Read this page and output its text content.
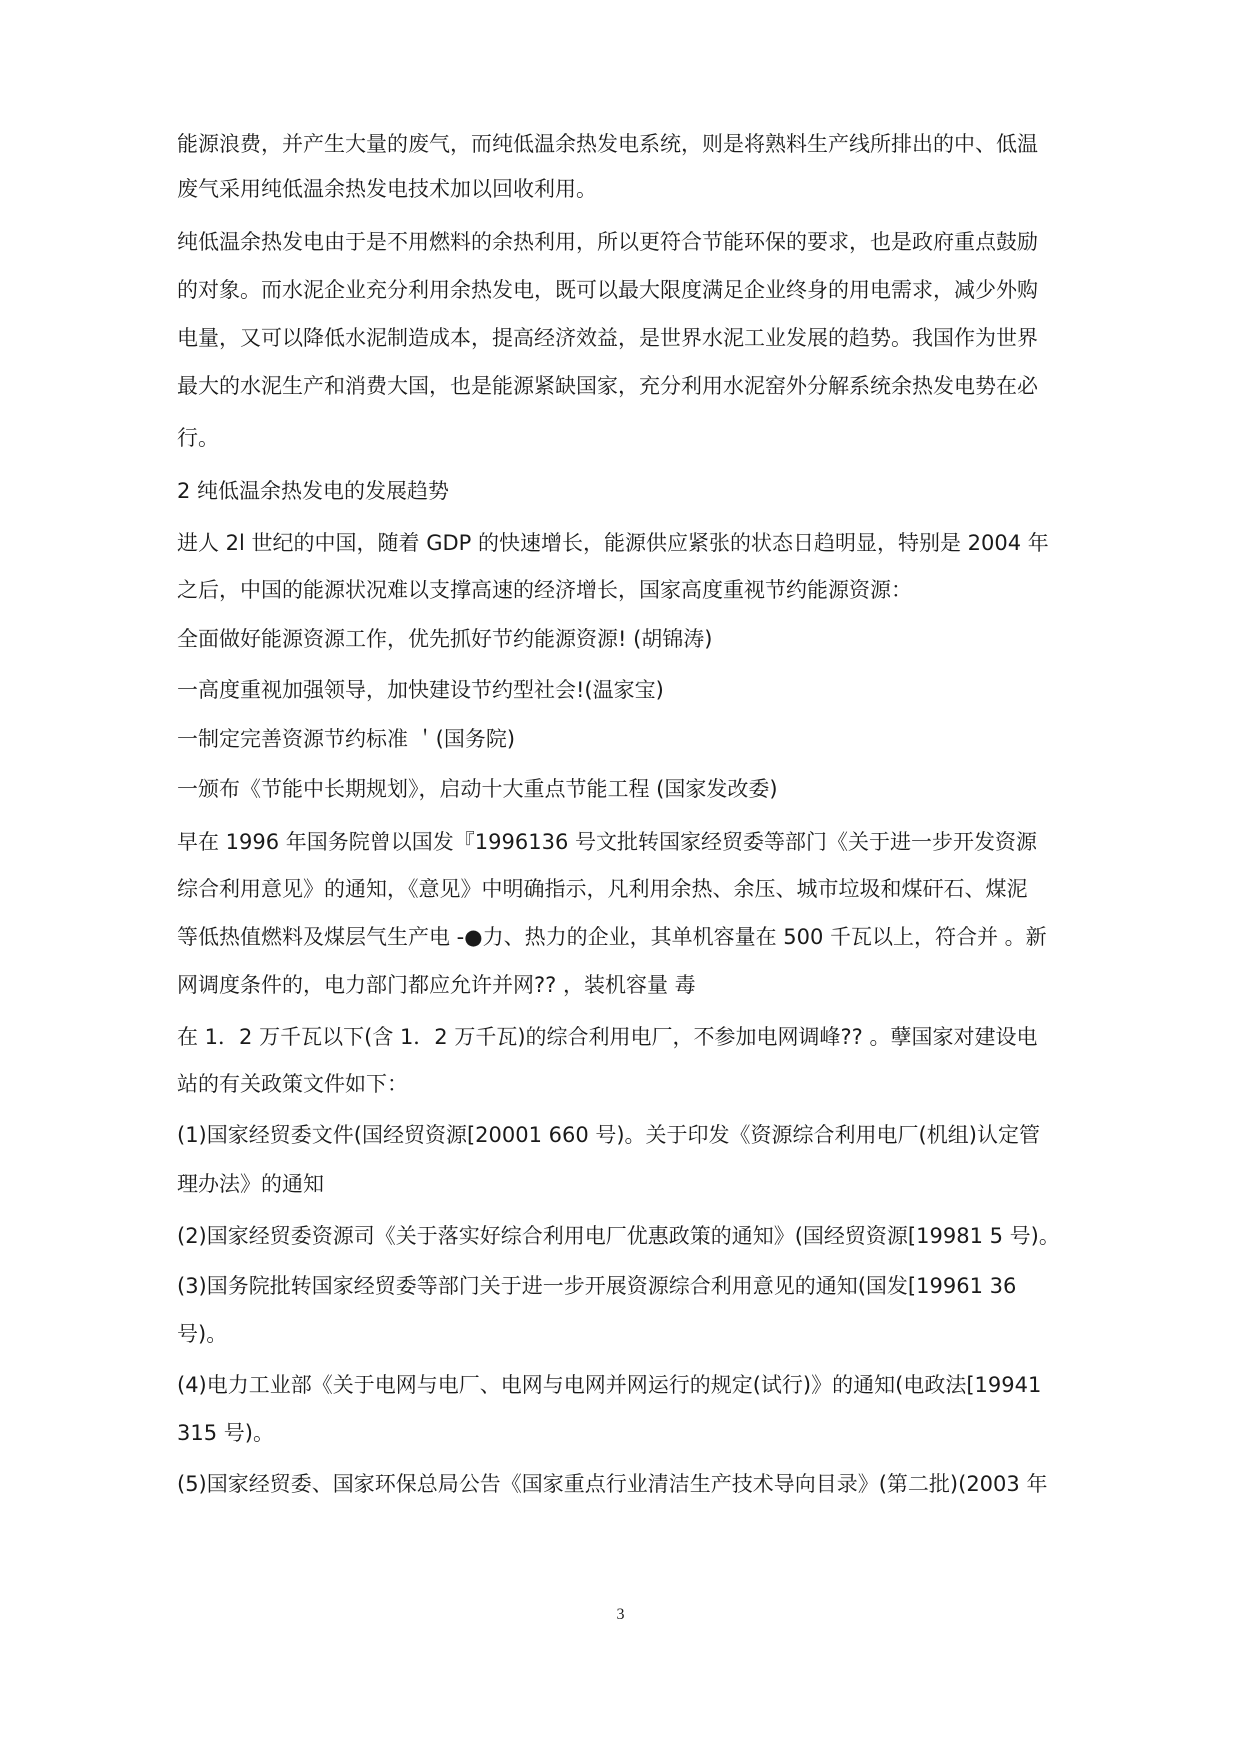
能源浪费，并产生大量的废气，而纯低温余热发电系统，则是将熟料生产线所排出的中、低温

废气采用纯低温余热发电技术加以回收利用。

纯低温余热发电由于是不用燃料的余热利用，所以更符合节能环保的要求，也是政府重点鼓励

的对象。而水泥企业充分利用余热发电，既可以最大限度满足企业终身的用电需求，减少外购

电量，又可以降低水泥制造成本，提高经济效益，是世界水泥工业发展的趋势。我国作为世界

最大的水泥生产和消费大国，也是能源紧缺国家，充分利用水泥窑外分解系统余热发电势在必

行。

2 纯低温余热发电的发展趋势

进人 2l 世纪的中国，随着 GDP 的快速增长，能源供应紧张的状态日趋明显，特别是 2004 年

之后，中国的能源状况难以支撑高速的经济增长，国家高度重视节约能源资源：

全面做好能源资源工作，优先抓好节约能源资源! (胡锦涛)

一高度重视加强领导，加快建设节约型社会!(温家宝)

一制定完善资源节约标准 ＇(国务院)

一颁布《节能中长期规划》，启动十大重点节能工程 (国家发改委)

早在 1996 年国务院曾以国发『1996136 号文批转国家经贸委等部门《关于进一步开发资源

综合利用意见》的通知，《意见》中明确指示，凡利用余热、余压、城市垃圾和煤矸石、煤泥

等低热值燃料及煤层气生产电 -●力、热力的企业，其单机容量在 500 千瓦以上，符合并 。新

网调度条件的，电力部门都应允许并网?? ，装机容量 毒

在 1．2 万千瓦以下(含 1．2 万千瓦)的综合利用电厂，不参加电网调峰?? 。孽国家对建设电

站的有关政策文件如下：

(1)国家经贸委文件(国经贸资源[20001 660 号)。关于印发《资源综合利用电厂(机组)认定管

理办法》的通知

(2)国家经贸委资源司《关于落实好综合利用电厂优惠政策的通知》(国经贸资源[19981 5 号)。

(3)国务院批转国家经贸委等部门关于进一步开展资源综合利用意见的通知(国发[19961 36

号)。

(4)电力工业部《关于电网与电厂、电网与电网并网运行的规定(试行)》的通知(电政法[19941

315 号)。

(5)国家经贸委、国家环保总局公告《国家重点行业清洁生产技术导向目录》(第二批)(2003 年

3
